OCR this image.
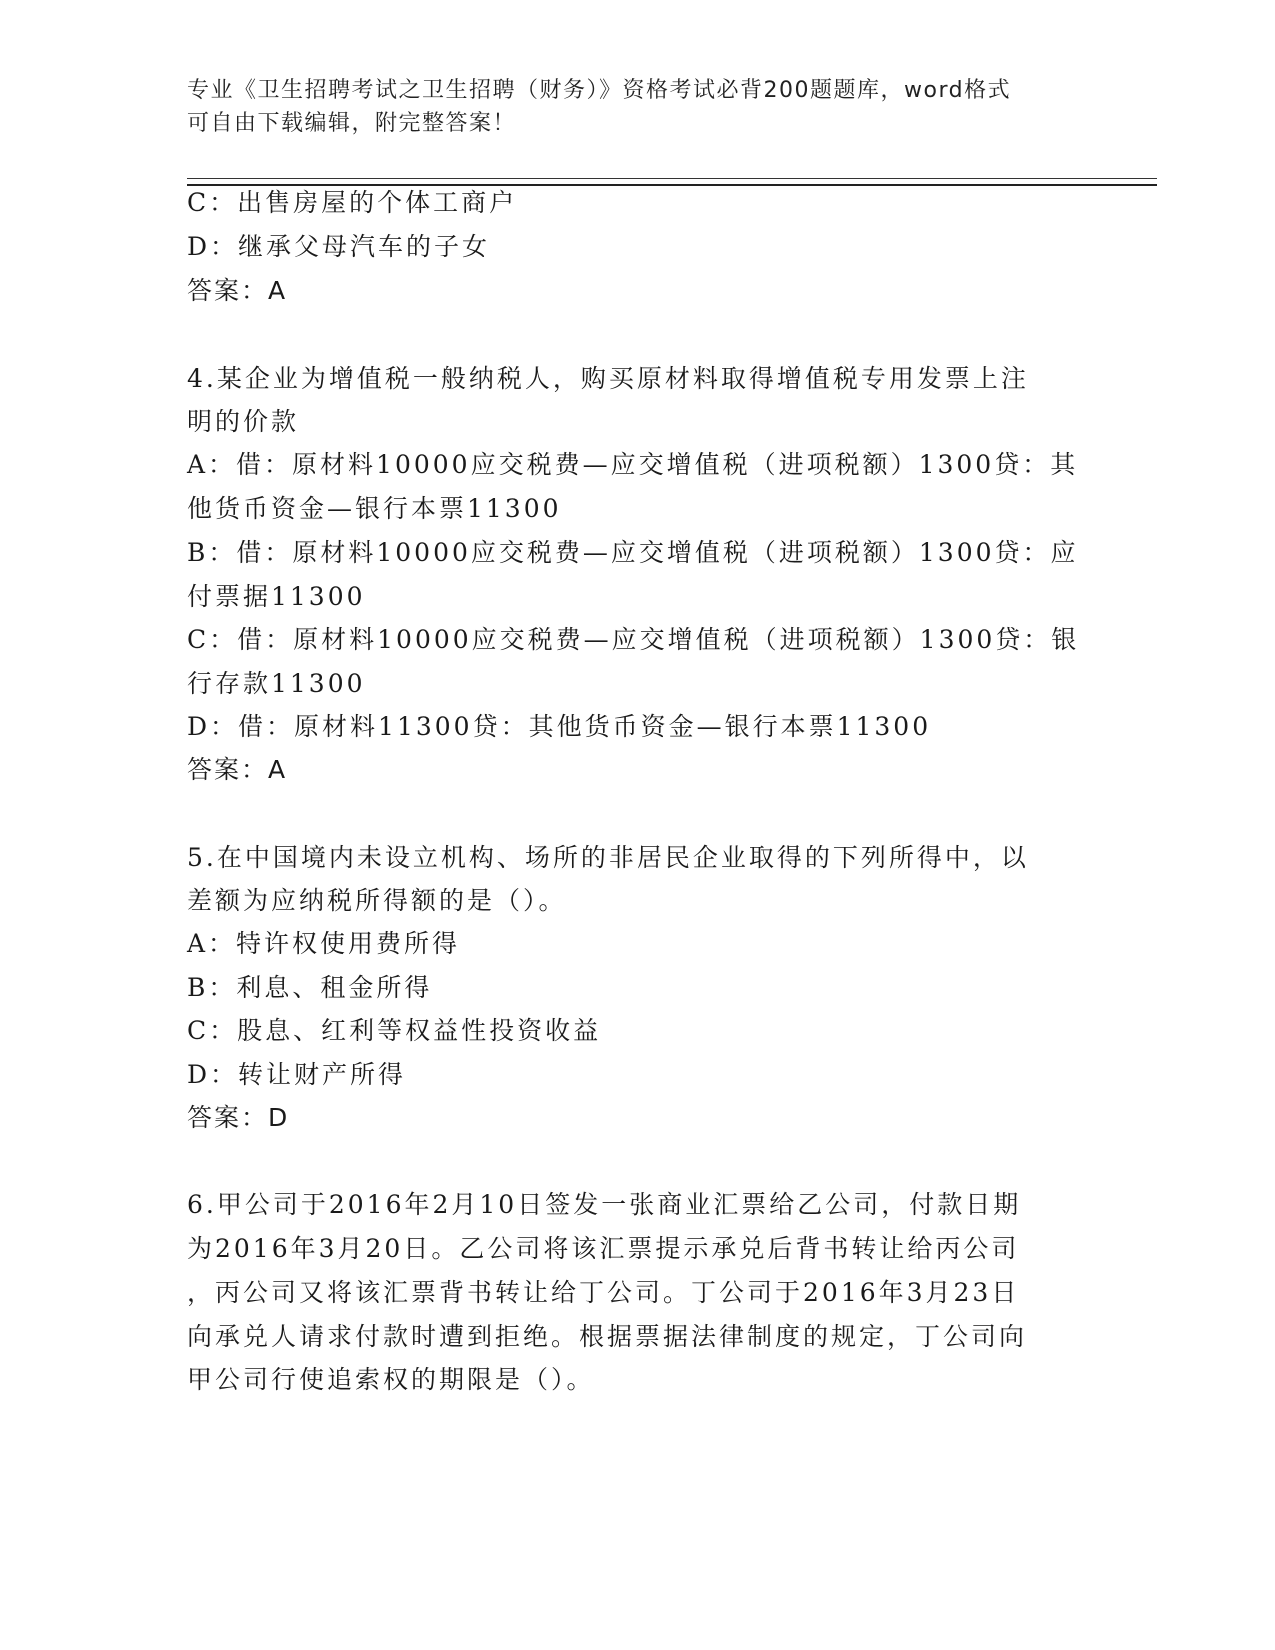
专业《卫生招聘考试之卫生招聘（财务）》资格考试必背200题题库，word格式
可自由下载编辑，附完整答案！
C：出售房屋的个体工商户
D：继承父母汽车的子女
答案：A
4.某企业为增值税一般纳税人，购买原材料取得增值税专用发票上注
明的价款
A：借：原材料10000应交税费—应交增值税（进项税额）1300贷：其
他货币资金—银行本票11300
B：借：原材料10000应交税费—应交增值税（进项税额）1300贷：应
付票据11300
C：借：原材料10000应交税费—应交增值税（进项税额）1300贷：银
行存款11300
D：借：原材料11300贷：其他货币资金—银行本票11300
答案：A
5.在中国境内未设立机构、场所的非居民企业取得的下列所得中，以
差额为应纳税所得额的是（）。
A：特许权使用费所得
B：利息、租金所得
C：股息、红利等权益性投资收益
D：转让财产所得
答案：D
6.甲公司于2016年2月10日签发一张商业汇票给乙公司，付款日期
为2016年3月20日。乙公司将该汇票提示承兑后背书转让给丙公司
，丙公司又将该汇票背书转让给丁公司。丁公司于2016年3月23日
向承兑人请求付款时遭到拒绝。根据票据法律制度的规定，丁公司向
甲公司行使追索权的期限是（）。
